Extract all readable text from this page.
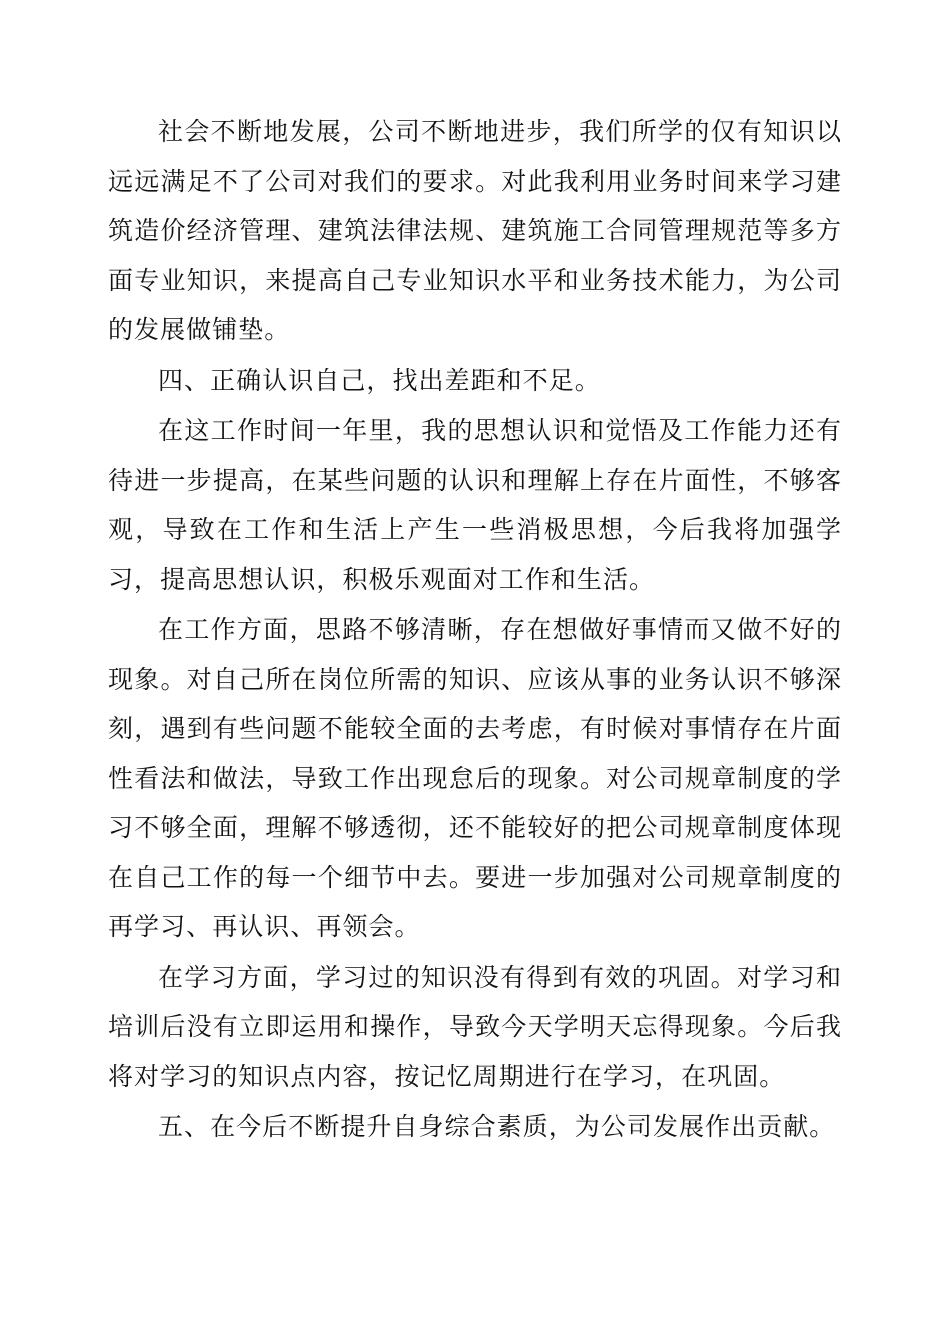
社会不断地发展，公司不断地进步，我们所学的仅有知识以远远满足不了公司对我们的要求。对此我利用业务时间来学习建筑造价经济管理、建筑法律法规、建筑施工合同管理规范等多方面专业知识，来提高自己专业知识水平和业务技术能力，为公司的发展做铺垫。

四、正确认识自己，找出差距和不足。

在这工作时间一年里，我的思想认识和觉悟及工作能力还有待进一步提高，在某些问题的认识和理解上存在片面性，不够客观，导致在工作和生活上产生一些消极思想，今后我将加强学习，提高思想认识，积极乐观面对工作和生活。

在工作方面，思路不够清晰，存在想做好事情而又做不好的现象。对自己所在岗位所需的知识、应该从事的业务认识不够深刻，遇到有些问题不能较全面的去考虑，有时候对事情存在片面性看法和做法，导致工作出现怠后的现象。对公司规章制度的学习不够全面，理解不够透彻，还不能较好的把公司规章制度体现在自己工作的每一个细节中去。要进一步加强对公司规章制度的再学习、再认识、再领会。

在学习方面，学习过的知识没有得到有效的巩固。对学习和培训后没有立即运用和操作，导致今天学明天忘得现象。今后我将对学习的知识点内容，按记忆周期进行在学习，在巩固。

五、在今后不断提升自身综合素质，为公司发展作出贡献。
